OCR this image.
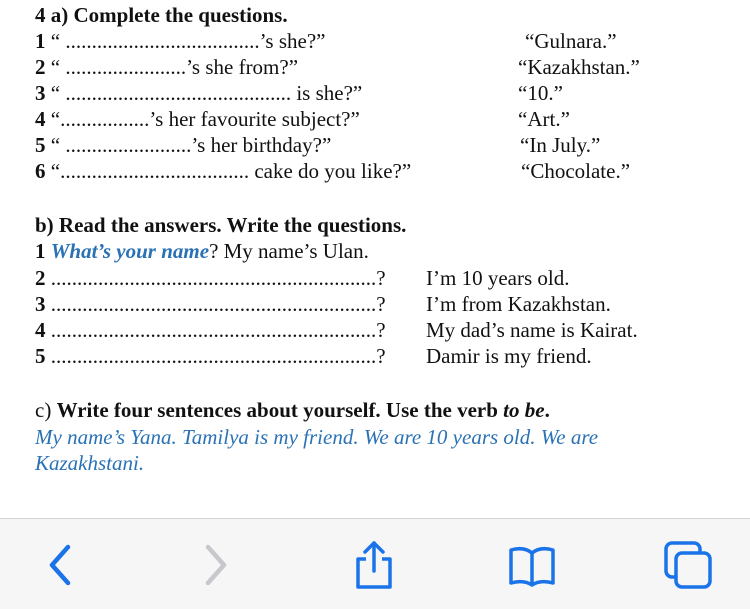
4 a) Complete the questions.
1 “ .....................................’s she?”	“Gulnara.”
2 “ .......................’s she from?”	“Kazakhstan.”
3 “ ........................................... is she?”	“10.”
4 “.................’s her favourite subject?”	“Art.”
5 “ ........................’s her birthday?”	“In July.”
6 “.................................... cake do you like?”	“Chocolate.”
b) Read the answers. Write the questions.
1 What’s your name? My name’s Ulan.
2 ..............................................................? I’m 10 years old.
3 ..............................................................? I’m from Kazakhstan.
4 ..............................................................? My dad’s name is Kairat.
5 ..............................................................? Damir is my friend.
c) Write four sentences about yourself. Use the verb to be.
My name’s Yana. Tamilya is my friend. We are 10 years old. We are
Kazakhstani.
